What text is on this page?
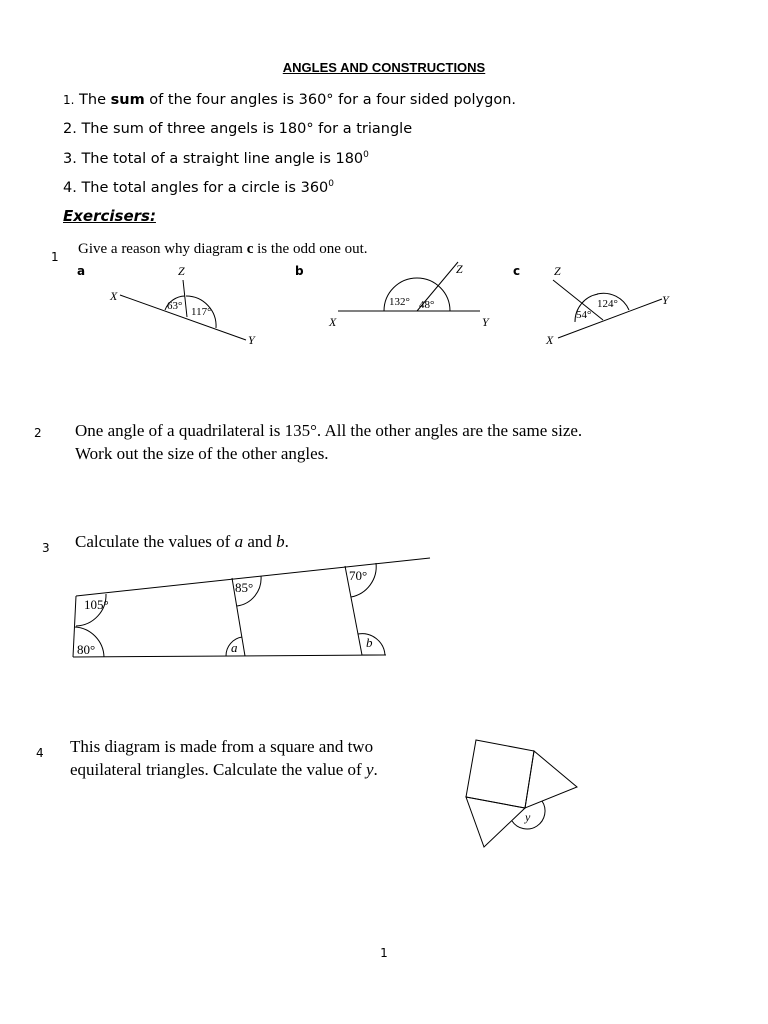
ANGLES AND CONSTRUCTIONS
1. The sum of the four angles is 360° for a four sided polygon.
2. The sum of three angels is 180° for a triangle
3. The total of a straight line angle is $180^0$
4. The total angles for a circle is $360^0$
Exercisers:
1 Give a reason why diagram c is the odd one out.
a	b	c
X
Z
Y
X
Z
Y
Z
Y
X
63° 117°
132° 48°	124°
54°
105°
80°
85°
70°
a	b
y
2 One angle of a quadrilateral is 135°. All the other angles are the same size.
Work out the size of the other angles.
3 Calculate the values of a and b.
4 This diagram is made from a square and two
equilateral triangles. Calculate the value of y.
1
